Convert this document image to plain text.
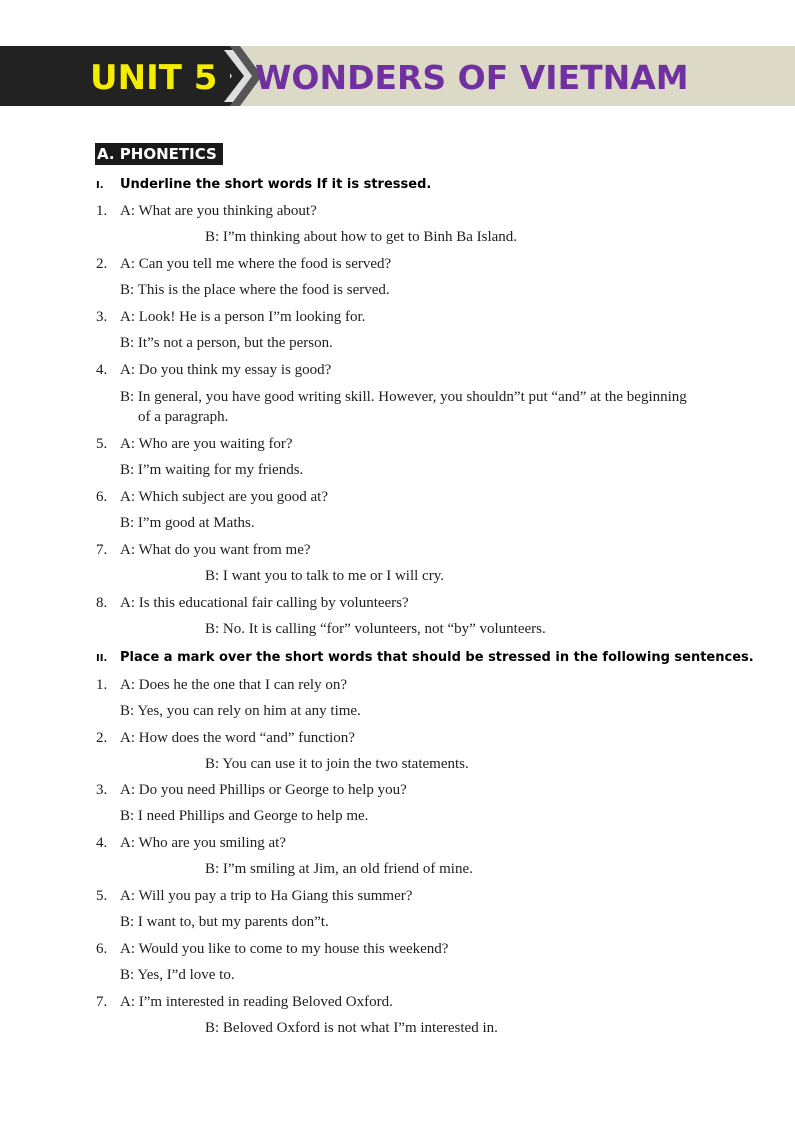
UNIT 5 WONDERS OF VIETNAM
A. PHONETICS
I. Underline the short words If it is stressed.
1. A: What are you thinking about?
B: I”m thinking about how to get to Binh Ba Island.
2. A: Can you tell me where the food is served?
B: This is the place where the food is served.
3. A: Look! He is a person I”m looking for.
B: It”s not a person, but the person.
4. A: Do you think my essay is good?
B: In general, you have good writing skill. However, you shouldn”t put “and” at the beginning
of a paragraph.
5. A: Who are you waiting for?
B: I”m waiting for my friends.
6. A: Which subject are you good at?
B: I”m good at Maths.
7. A: What do you want from me?
B: I want you to talk to me or I will cry.
8. A: Is this educational fair calling by volunteers?
B: No. It is calling “for” volunteers, not “by” volunteers.
II. Place a mark over the short words that should be stressed in the following sentences.
1. A: Does he the one that I can rely on?
B: Yes, you can rely on him at any time.
2. A: How does the word “and” function?
B: You can use it to join the two statements.
3. A: Do you need Phillips or George to help you?
B: I need Phillips and George to help me.
4. A: Who are you smiling at?
B: I”m smiling at Jim, an old friend of mine.
5. A: Will you pay a trip to Ha Giang this summer?
B: I want to, but my parents don”t.
6. A: Would you like to come to my house this weekend?
B: Yes, I”d love to.
7. A: I”m interested in reading Beloved Oxford.
B: Beloved Oxford is not what I”m interested in.
